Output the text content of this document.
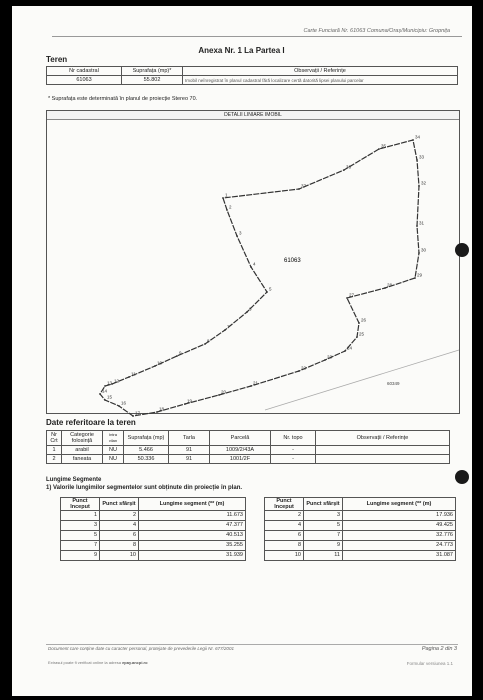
Carte Funciară Nr. 61063 Comuna/Oraș/Municipiu: Gropnița
Anexa Nr. 1 La Partea I
Teren
Nr cadastral	Suprafața (mp)*	Observații / Referințe
61063	55.802	Imobil neînregistrat în planul cadastral fără localizare certă datorită lipsei planului parcelar
* Suprafața este determinată în planul de proiecție Stereo 70.
DETALII LINIARE IMOBIL
1
2
3
4
5
6
7
8
9
10
11
12
13
14
15
16
17
18
19
20
21
22
23
24
25
26
27
28
29
30
31
32
33
34
35
36
37
61063
60349
Date referitoare la teren
Nr Crt	Categorie folosință	Intra vilan	Suprafața (mp)	Tarla	Parcelă	Nr. topo	Observații / Referințe
1	arabil	NU	5.466	91	1009/2/43A	-	
2	faneata	NU	50.336	91	1001/2F	-	
Lungime Segmente
1) Valorile lungimilor segmentelor sunt obținute din proiecție în plan.
Punct început	Punct sfârșit	Lungime segment (** (m)
1	2	11.673
3	4	47.377
5	6	40.513
7	8	35.255
9	10	31.939
Punct început	Punct sfârșit	Lungime segment (** (m)
2	3	17.936
4	5	49.425
6	7	32.776
8	9	24.773
10	11	31.087
Document care conține date cu caracter personal, protejate de prevederile Legii Nr. 677/2001	Pagina 2 din 3
Extrasul poate fi verificat online la adresa epay.ancpi.ro	Formular versiunea 1.1
